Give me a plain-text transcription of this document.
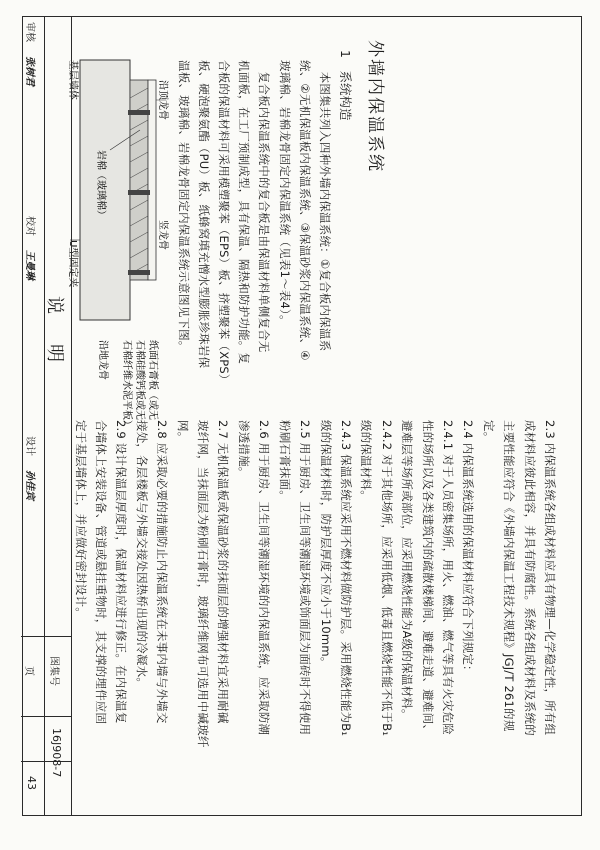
外墙内保温系统
1　系统构造
　本图集共列入四种外墙内保温系统：①复合板内保温系
统、②无机保温板内保温系统、③保温砂浆内保温系统、④
玻璃棉、岩棉龙骨固定内保温系统（见表1～表4）。
　复合板内保温系统中的复合板是由保温材料单侧复合无
机面板，在工厂预制成型，具有保温、隔热和防护功能。复
合板的保温材料可采用模塑聚苯（EPS）板、挤塑聚苯（XPS）
板、硬泡聚氨酯（PU）板、纸蜂窝填充憎水型膨胀珍珠岩保
温板、玻璃棉、岩棉龙骨固定内保温系统示意图见下图。
纸面石膏板（或无
石棉硅酸钙板或无
石棉纤维水泥平板）
沿地龙骨
基层墙体
岩棉（玻璃棉）
U型固定夹
沿顶龙骨
竖龙骨
2.3 内保温系统各组成材料应具有物理—化学稳定性，所有组
成材料应彼此相容，并具有防腐性。系统各组成材料及系统的
主要性能应符合《外墙内保温工程技术规程》JGJ/T 261的规
定。
2.4 内保温系统选用的保温材料应符合下列规定：
2.4.1 对于人员密集场所，用火、燃油、燃气等具有火灾危险
性的场所以及各类建筑内的疏散楼梯间、避难走道、避难间、
避难层等场所或部位，应采用燃烧性能为A级的保温材料。
2.4.2 对于其他场所，应采用低烟、低毒且燃烧性能不低于B₁
级的保温材料。
2.4.3 保温系统应采用不燃材料做防护层。采用燃烧性能为B₁
级的保温材料时，防护层厚度不应小于10mm。
2.5 用于厨房、卫生间等潮湿环境或饰面层为面砖时不得使用
粉刷石膏抹面。
2.6 用于厨房、卫生间等潮湿环境的内保温系统，应采取防潮
渗透措施。
2.7 无机保温板或保温砂浆的抹面层的增强材料宜采用耐碱
玻纤网，当抹面层为粉刷石膏时，玻璃纤维网布可选用中碱玻纤
网。
2.8 应采取必要的措施防止内保温系统在未事内墙与外墙交
接处，各层楼板与外墙交接处因热桥出现的冷凝水。
2.9 设计保温层厚度时，保温材料应进行修正。在内保温复
合墙体上安装设备、管道或悬挂重物时，其支撑的埋件应固
定于基层墙体上，并应做好密封设计。
说　明
审核
张树君
校对
王曼琳
设计
孙佳宾
图集号
16J908-7
页
43
